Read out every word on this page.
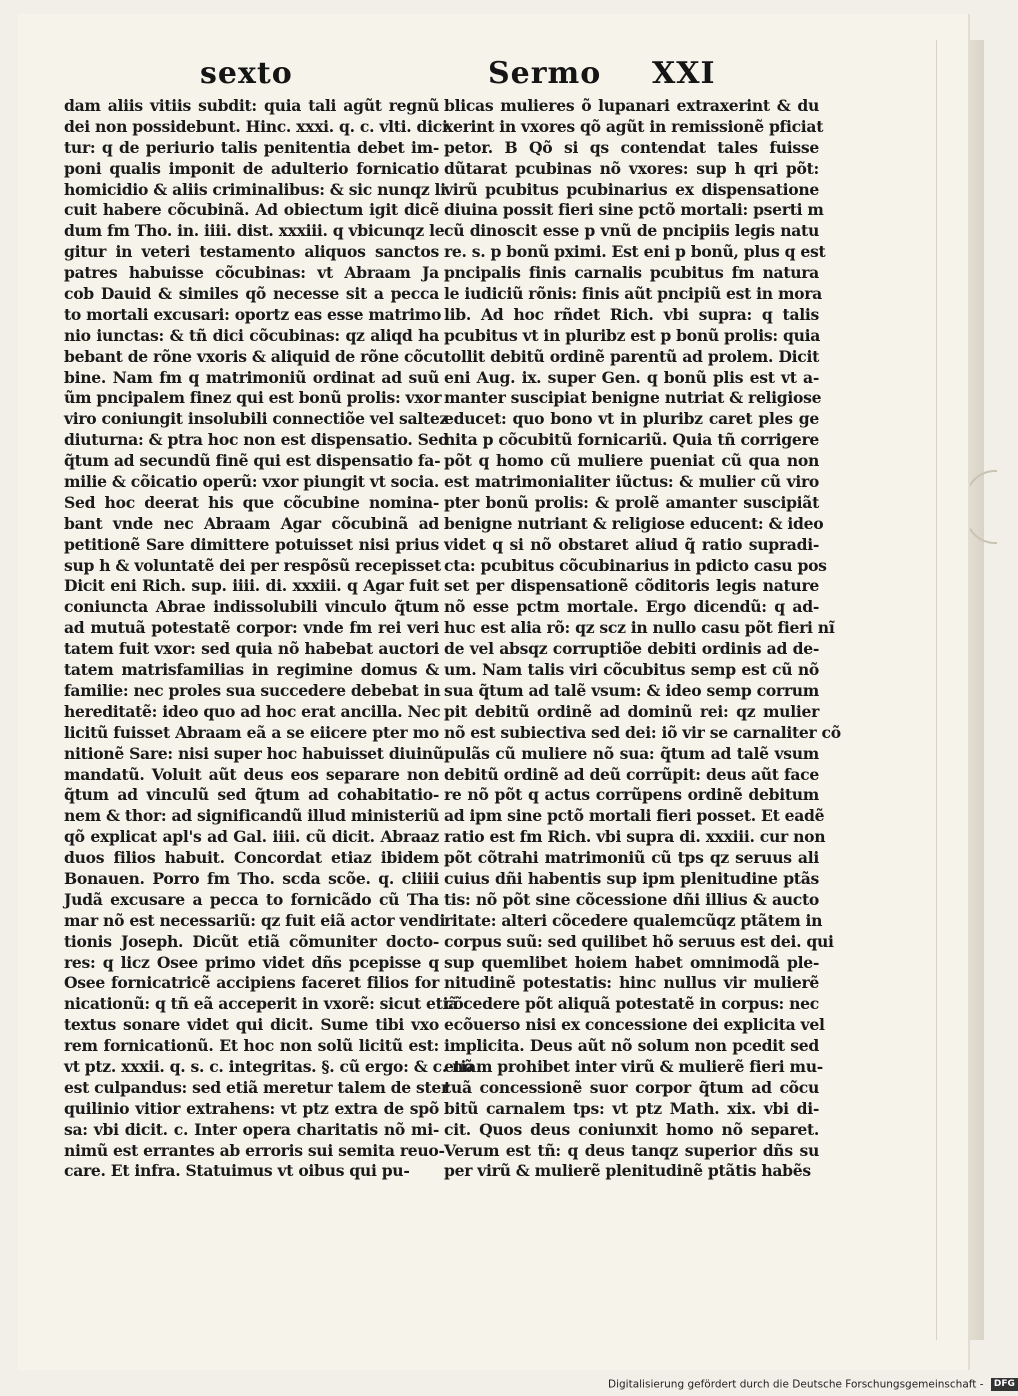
sexto	Sermo XXI
dam aliis vitiis subdit: quia tali agũt regnũ
dei non possidebunt. Hinc. xxxi. q. c. vlti. dici
tur: q de periurio talis penitentia debet im-
poni qualis imponit de adulterio fornicatio
homicidio & aliis criminalibus: & sic nunqz li
cuit habere cõcubinã. Ad obiectum igit dicẽ
dum fm Tho. in. iiii. dist. xxxiii. q vbicunqz le
gitur in veteri testamento aliquos sanctos
patres habuisse cõcubinas: vt Abraam Ja
cob Dauid & similes qõ necesse sit a pecca
to mortali excusari: oportz eas esse matrimo
nio iunctas: & tñ dici cõcubinas: qz aliqd ha
bebant de rõne vxoris & aliquid de rõne cõcu
bine. Nam fm q matrimoniũ ordinat ad suũ
ũm pncipalem finez qui est bonũ prolis: vxor
viro coniungit insolubili connectiõe vel saltez
diuturna: & ptra hoc non est dispensatio. Sed
q̃tum ad secundũ finẽ qui est dispensatio fa-
milie & cõicatio operũ: vxor piungit vt socia.
Sed hoc deerat his que cõcubine nomina-
bant vnde nec Abraam Agar cõcubinã ad
petitionẽ Sare dimittere potuisset nisi prius
sup h & voluntatẽ dei per respõsũ recepisset
Dicit eni Rich. sup. iiii. di. xxxiii. q Agar fuit
coniuncta Abrae indissolubili vinculo q̃tum
ad mutuã potestatẽ corpor: vnde fm rei veri
tatem fuit vxor: sed quia nõ habebat auctori
tatem matrisfamilias in regimine domus &
familie: nec proles sua succedere debebat in
hereditatẽ: ideo quo ad hoc erat ancilla. Nec
licitũ fuisset Abraam eã a se eiicere pter mo
nitionẽ Sare: nisi super hoc habuisset diuinũ
mandatũ. Voluit aũt deus eos separare non
q̃tum ad vinculũ sed q̃tum ad cohabitatio-
nem & thor: ad significandũ illud ministeriũ
qõ explicat apl's ad Gal. iiii. cũ dicit. Abraaz
duos filios habuit. Concordat etiaz ibidem
Bonauen. Porro fm Tho. scda scõe. q. cliiii
Judã excusare a pecca to fornicãdo cũ Tha
mar nõ est necessariũ: qz fuit eiã actor vendi
tionis Joseph. Dicũt etiã cõmuniter docto-
res: q licz Osee primo videt dñs pcepisse q
Osee fornicatricẽ accipiens faceret filios for
nicationũ: q tñ eã acceperit in vxorẽ: sicut etiã
textus sonare videt qui dicit. Sume tibi vxo
rem fornicationũ. Et hoc non solũ licitũ est:
vt ptz. xxxii. q. s. c. integritas. §. cũ ergo: & c. nõ
est culpandus: sed etiã meretur talem de ster
quilinio vitior extrahens: vt ptz extra de spõ
sa: vbi dicit. c. Inter opera charitatis nõ mi-
nimũ est errantes ab erroris sui semita reuo-
care. Et infra. Statuimus vt oibus qui pu-
blicas mulieres õ lupanari extraxerint & du
xerint in vxores qõ agũt in remissionẽ pficiat
petor. B Qõ si qs contendat tales fuisse
dũtarat pcubinas nõ vxores: sup h qri põt:
virũ pcubitus pcubinarius ex dispensatione
diuina possit fieri sine pctõ mortali: pserti m
cũ dinoscit esse p vnũ de pncipiis legis natu
re. s. p bonũ pximi. Est eni p bonũ, plus q est
pncipalis finis carnalis pcubitus fm natura
le iudiciũ rõnis: finis aũt pncipiũ est in mora
lib. Ad hoc rñdet Rich. vbi supra: q talis
pcubitus vt in pluribz est p bonũ prolis: quia
tollit debitũ ordinẽ parentũ ad prolem. Dicit
eni Aug. ix. super Gen. q bonũ plis est vt a-
manter suscipiat benigne nutriat & religiose
educet: quo bono vt in pluribz caret ples ge
nita p cõcubitũ fornicariũ. Quia tñ corrigere
põt q homo cũ muliere pueniat cũ qua non
est matrimonialiter iũctus: & mulier cũ viro
pter bonũ prolis: & prolẽ amanter suscipiãt
benigne nutriant & religiose educent: & ideo
videt q si nõ obstaret aliud q̃ ratio supradi-
cta: pcubitus cõcubinarius in pdicto casu pos
set per dispensationẽ cõditoris legis nature
nõ esse pctm mortale. Ergo dicendũ: q ad-
huc est alia rõ: qz scz in nullo casu põt fieri nĩ
de vel absqz corruptiõe debiti ordinis ad de-
um. Nam talis viri cõcubitus semp est cũ nõ
sua q̃tum ad talẽ vsum: & ideo semp corrum
pit debitũ ordinẽ ad dominũ rei: qz mulier
nõ est subiectiva sed dei: iõ vir se carnaliter cõ
pulãs cũ muliere nõ sua: q̃tum ad talẽ vsum
debitũ ordinẽ ad deũ corrũpit: deus aũt face
re nõ põt q actus corrũpens ordinẽ debitum
ad ipm sine pctõ mortali fieri posset. Et eadẽ
ratio est fm Rich. vbi supra di. xxxiii. cur non
põt cõtrahi matrimoniũ cũ tps qz seruus ali
cuius dñi habentis sup ipm plenitudine ptãs
tis: nõ põt sine cõcessione dñi illius & aucto
ritate: alteri cõcedere qualemcũqz ptãtem in
corpus suũ: sed quilibet hõ seruus est dei. qui
sup quemlibet hoiem habet omnimodã ple-
nitudinẽ potestatis: hinc nullus vir mulierẽ
cõcedere põt aliquã potestatẽ in corpus: nec
ecõuerso nisi ex concessione dei explicita vel
implicita. Deus aũt nõ solum non pcedit sed
etiam prohibet inter virũ & mulierẽ fieri mu-
tuã concessionẽ suor corpor q̃tum ad cõcu
bitũ carnalem tps: vt ptz Math. xix. vbi di-
cit. Quos deus coniunxit homo nõ separet.
Verum est tñ: q deus tanqz superior dñs su
per virũ & mulierẽ plenitudinẽ ptãtis habẽs
Digitalisierung gefördert durch die Deutsche Forschungsgemeinschaft - DFG
